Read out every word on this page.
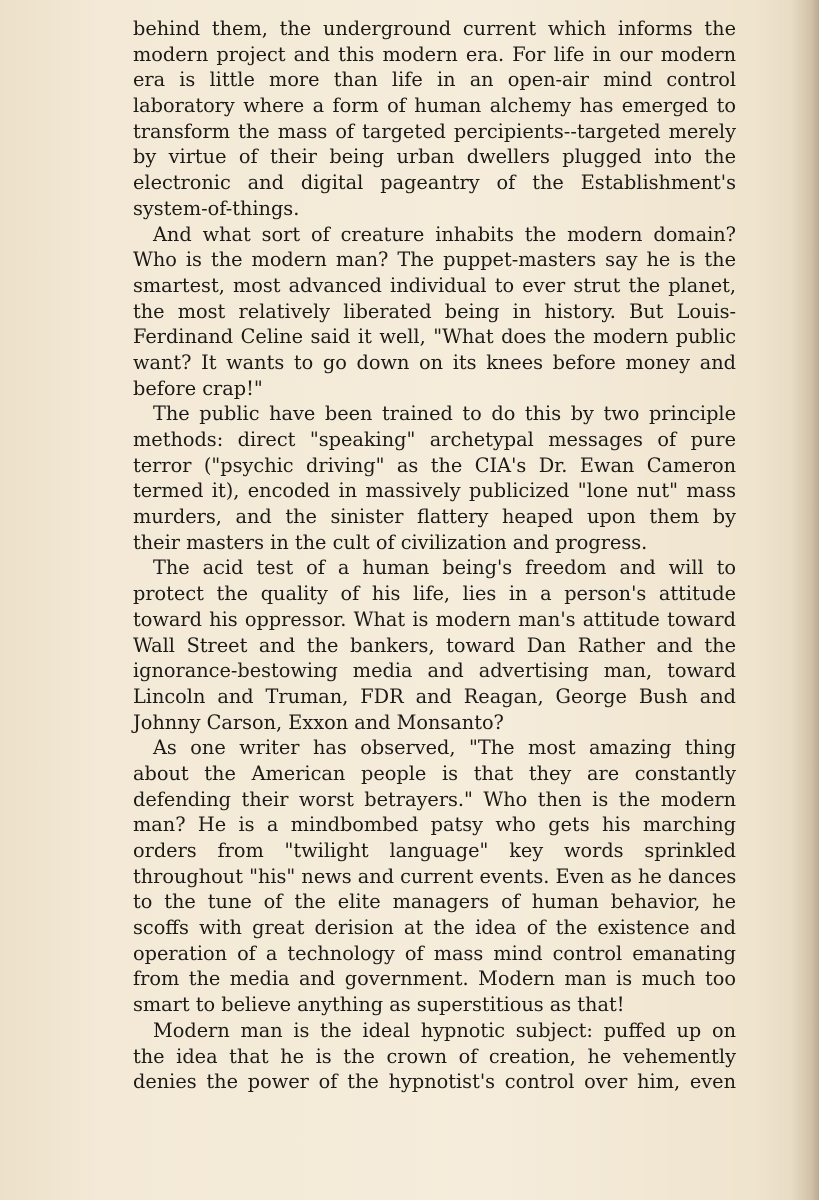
behind them, the underground current which informs the
modern project and this modern era. For life in our modern
era is little more than life in an open-air mind control
laboratory where a form of human alchemy has emerged to
transform the mass of targeted percipients--targeted merely
by virtue of their being urban dwellers plugged into the
electronic and digital pageantry of the Establishment's
system-of-things.
And what sort of creature inhabits the modern domain?
Who is the modern man? The puppet-masters say he is the
smartest, most advanced individual to ever strut the planet,
the most relatively liberated being in history. But Louis-
Ferdinand Celine said it well, "What does the modern public
want? It wants to go down on its knees before money and
before crap!"
The public have been trained to do this by two principle
methods: direct "speaking" archetypal messages of pure
terror ("psychic driving" as the CIA's Dr. Ewan Cameron
termed it), encoded in massively publicized "lone nut" mass
murders, and the sinister flattery heaped upon them by
their masters in the cult of civilization and progress.
The acid test of a human being's freedom and will to
protect the quality of his life, lies in a person's attitude
toward his oppressor. What is modern man's attitude toward
Wall Street and the bankers, toward Dan Rather and the
ignorance-bestowing media and advertising man, toward
Lincoln and Truman, FDR and Reagan, George Bush and
Johnny Carson, Exxon and Monsanto?
As one writer has observed, "The most amazing thing
about the American people is that they are constantly
defending their worst betrayers." Who then is the modern
man? He is a mindbombed patsy who gets his marching
orders from "twilight language" key words sprinkled
throughout "his" news and current events. Even as he dances
to the tune of the elite managers of human behavior, he
scoffs with great derision at the idea of the existence and
operation of a technology of mass mind control emanating
from the media and government. Modern man is much too
smart to believe anything as superstitious as that!
Modern man is the ideal hypnotic subject: puffed up on
the idea that he is the crown of creation, he vehemently
denies the power of the hypnotist's control over him, even
